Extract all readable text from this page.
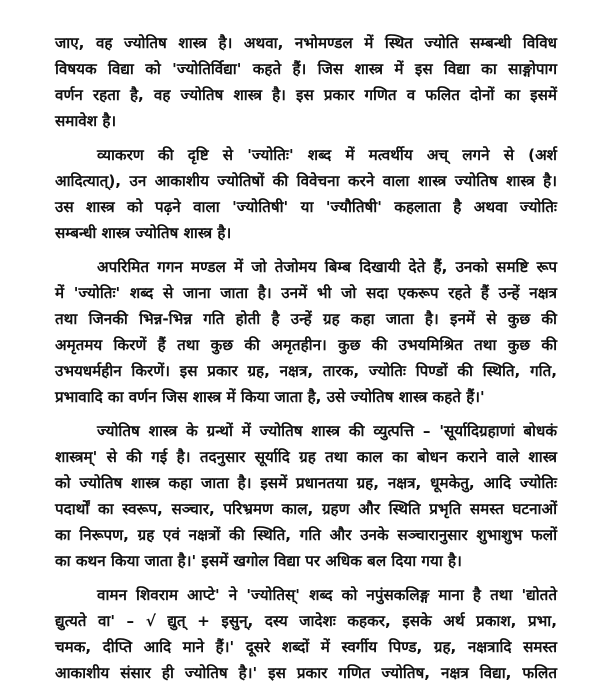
जाए, वह ज्योतिष शास्त्र है। अथवा, नभोमण्डल में स्थित ज्योति सम्बन्धी विविध
विषयक विद्या को 'ज्योतिर्विद्या' कहते हैं। जिस शास्त्र में इस विद्या का साङ्गोपाग
वर्णन रहता है, वह ज्योतिष शास्त्र है। इस प्रकार गणित व फलित दोनों का इसमें
समावेश है।
व्याकरण की दृष्टि से 'ज्योतिः' शब्द में मत्वर्थीय अच् लगने से (अर्श
आदित्यात्), उन आकाशीय ज्योतिषों की विवेचना करने वाला शास्त्र ज्योतिष शास्त्र है।
उस शास्त्र को पढ़ने वाला 'ज्योतिषी' या 'ज्यौतिषी' कहलाता है अथवा ज्योतिः
सम्बन्धी शास्त्र ज्योतिष शास्त्र है।
अपरिमित गगन मण्डल में जो तेजोमय बिम्ब दिखायी देते हैं, उनको समष्टि रूप
में 'ज्योतिः' शब्द से जाना जाता है। उनमें भी जो सदा एकरूप रहते हैं उन्हें नक्षत्र
तथा जिनकी भिन्न-भिन्न गति होती है उन्हें ग्रह कहा जाता है। इनमें से कुछ की
अमृतमय किरणें हैं तथा कुछ की अमृतहीन। कुछ की उभयमिश्रित तथा कुछ की
उभयधर्महीन किरणें। इस प्रकार ग्रह, नक्षत्र, तारक, ज्योतिः पिण्डों की स्थिति, गति,
प्रभावादि का वर्णन जिस शास्त्र में किया जाता है, उसे ज्योतिष शास्त्र कहते हैं।'
ज्योतिष शास्त्र के ग्रन्थों में ज्योतिष शास्त्र की व्युत्पत्ति – 'सूर्यादिग्रहाणां बोधकं
शास्त्रम्' से की गई है। तदनुसार सूर्यादि ग्रह तथा काल का बोधन कराने वाले शास्त्र
को ज्योतिष शास्त्र कहा जाता है। इसमें प्रधानतया ग्रह, नक्षत्र, धूमकेतु, आदि ज्योतिः
पदार्थों का स्वरूप, सञ्चार, परिभ्रमण काल, ग्रहण और स्थिति प्रभृति समस्त घटनाओं
का निरूपण, ग्रह एवं नक्षत्रों की स्थिति, गति और उनके सञ्चारानुसार शुभाशुभ फलों
का कथन किया जाता है।' इसमें खगोल विद्या पर अधिक बल दिया गया है।
वामन शिवराम आप्टे' ने 'ज्योतिस्' शब्द को नपुंसकलिङ्ग माना है तथा 'द्योतते
द्युत्यते वा' – √ द्युत् + इसुन्, दस्य जादेशः कहकर, इसके अर्थ प्रकाश, प्रभा,
चमक, दीप्ति आदि माने हैं।' दूसरे शब्दों में स्वर्गीय पिण्ड, ग्रह, नक्षत्रादि समस्त
आकाशीय संसार ही ज्योतिष है।' इस प्रकार गणित ज्योतिष, नक्षत्र विद्या, फलित
